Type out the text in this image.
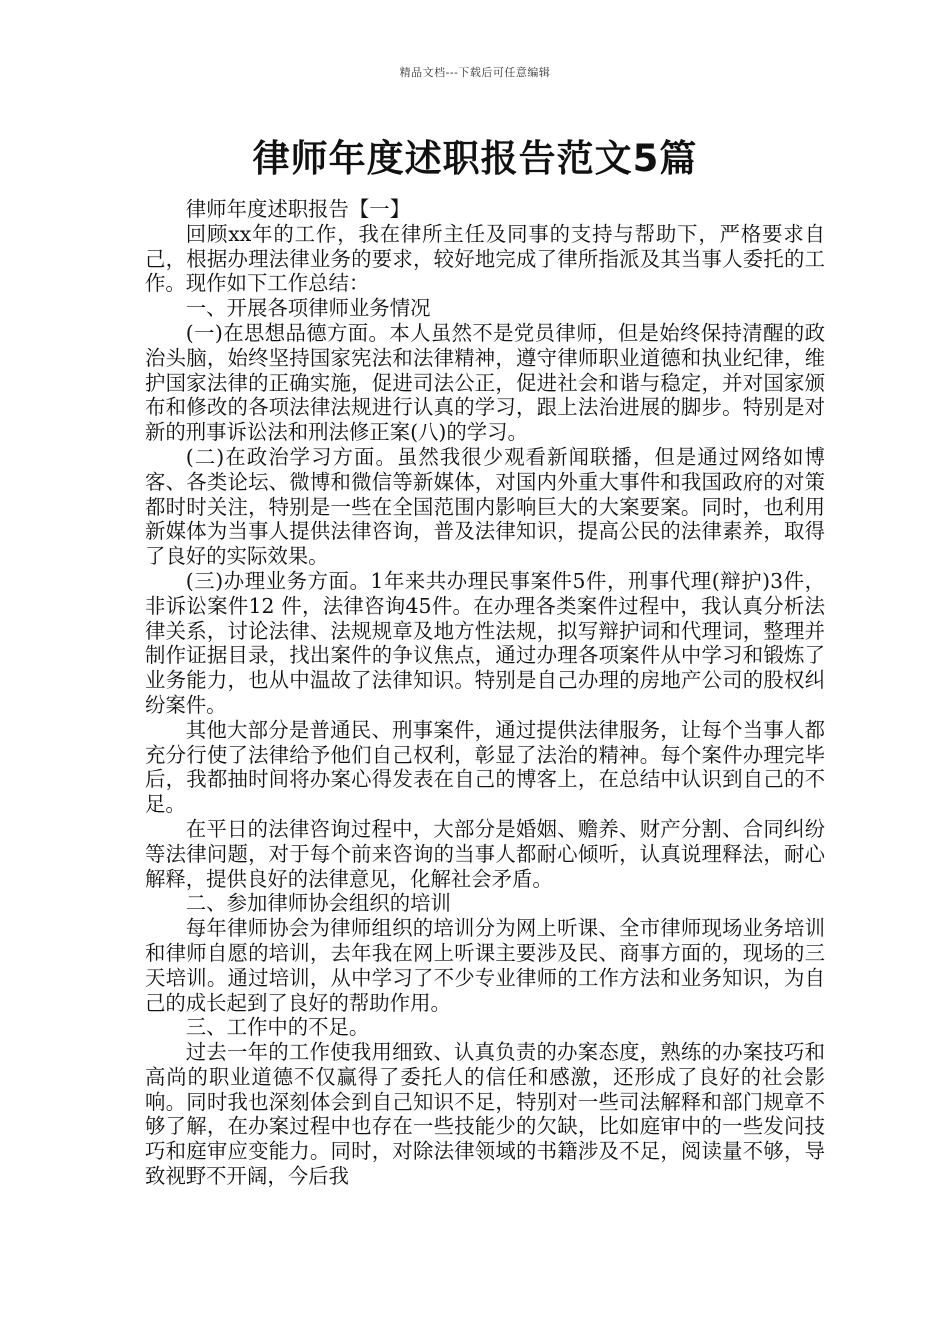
精品文档---下载后可任意编辑
律师年度述职报告范文5篇

律师年度述职报告【一】

回顾xx年的工作，我在律所主任及同事的支持与帮助下，严格要求自己，根据办理法律业务的要求，较好地完成了律所指派及其当事人委托的工作。现作如下工作总结：

一、开展各项律师业务情况

(一)在思想品德方面。本人虽然不是党员律师，但是始终保持清醒的政治头脑，始终坚持国家宪法和法律精神，遵守律师职业道德和执业纪律，维护国家法律的正确实施，促进司法公正，促进社会和谐与稳定，并对国家颁布和修改的各项法律法规进行认真的学习，跟上法治进展的脚步。特别是对新的刑事诉讼法和刑法修正案(八)的学习。

(二)在政治学习方面。虽然我很少观看新闻联播，但是通过网络如博客、各类论坛、微博和微信等新媒体，对国内外重大事件和我国政府的对策都时时关注，特别是一些在全国范围内影响巨大的大案要案。同时，也利用新媒体为当事人提供法律咨询，普及法律知识，提高公民的法律素养，取得了良好的实际效果。

(三)办理业务方面。1年来共办理民事案件5件，刑事代理(辩护)3件，非诉讼案件12 件，法律咨询45件。在办理各类案件过程中，我认真分析法律关系，讨论法律、法规规章及地方性法规，拟写辩护词和代理词，整理并制作证据目录，找出案件的争议焦点，通过办理各项案件从中学习和锻炼了业务能力，也从中温故了法律知识。特别是自己办理的房地产公司的股权纠纷案件。

其他大部分是普通民、刑事案件，通过提供法律服务，让每个当事人都充分行使了法律给予他们自己权利，彰显了法治的精神。每个案件办理完毕后，我都抽时间将办案心得发表在自己的博客上，在总结中认识到自己的不足。

在平日的法律咨询过程中，大部分是婚姻、赡养、财产分割、合同纠纷等法律问题，对于每个前来咨询的当事人都耐心倾听，认真说理释法，耐心解释，提供良好的法律意见，化解社会矛盾。

二、参加律师协会组织的培训

每年律师协会为律师组织的培训分为网上听课、全市律师现场业务培训和律师自愿的培训，去年我在网上听课主要涉及民、商事方面的，现场的三天培训。通过培训，从中学习了不少专业律师的工作方法和业务知识，为自己的成长起到了良好的帮助作用。

三、工作中的不足。

过去一年的工作使我用细致、认真负责的办案态度，熟练的办案技巧和高尚的职业道德不仅赢得了委托人的信任和感激，还形成了良好的社会影响。同时我也深刻体会到自己知识不足，特别对一些司法解释和部门规章不够了解，在办案过程中也存在一些技能少的欠缺，比如庭审中的一些发问技巧和庭审应变能力。同时，对除法律领域的书籍涉及不足，阅读量不够，导致视野不开阔，今后我
